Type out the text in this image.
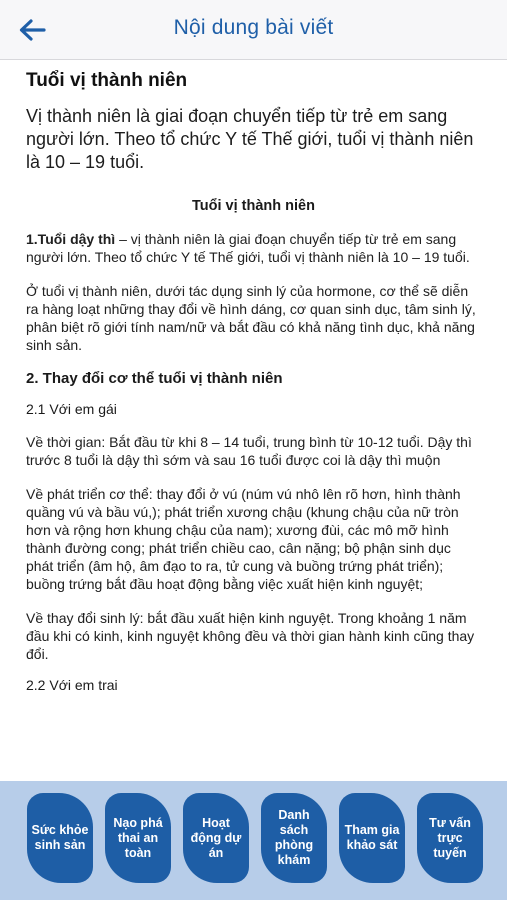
Nội dung bài viết
Tuổi vị thành niên
Vị thành niên là giai đoạn chuyển tiếp từ trẻ em sang người lớn. Theo tổ chức Y tế Thế giới, tuổi vị thành niên là 10 – 19 tuổi.
Tuổi vị thành niên
1.Tuổi dậy thì – vị thành niên là giai đoạn chuyển tiếp từ trẻ em sang người lớn. Theo tổ chức Y tế Thế giới, tuổi vị thành niên là 10 – 19 tuổi.
Ở tuổi vị thành niên, dưới tác dụng sinh lý của hormone, cơ thể sẽ diễn ra hàng loạt những thay đổi về hình dáng, cơ quan sinh dục, tâm sinh lý, phân biệt rõ giới tính nam/nữ và bắt đầu có khả năng tình dục, khả năng sinh sản.
2. Thay đổi cơ thể tuổi vị thành niên
2.1 Với em gái
Về thời gian: Bắt đầu từ khi 8 – 14 tuổi, trung bình từ 10-12 tuổi. Dậy thì trước 8 tuổi là dậy thì sớm và sau 16 tuổi được coi là dậy thì muộn
Về phát triển cơ thể: thay đổi ở vú (núm vú nhô lên rõ hơn, hình thành quầng vú và bầu vú,); phát triển xương chậu (khung chậu của nữ tròn hơn và rộng hơn khung chậu của nam); xương đùi, các mô mỡ hình thành đường cong; phát triển chiều cao, cân nặng; bộ phận sinh dục phát triển (âm hộ, âm đạo to ra, tử cung và buồng trứng phát triển); buồng trứng bắt đầu hoạt động bằng việc xuất hiện kinh nguyệt;
Về thay đổi sinh lý: bắt đầu xuất hiện kinh nguyệt. Trong khoảng 1 năm đầu khi có kinh, kinh nguyệt không đều và thời gian hành kinh cũng thay đổi.
2.2 Với em trai
Sức khỏe sinh sản
Nạo phá thai an toàn
Hoạt động dự án
Danh sách phòng khám
Tham gia khảo sát
Tư vấn trực tuyến
